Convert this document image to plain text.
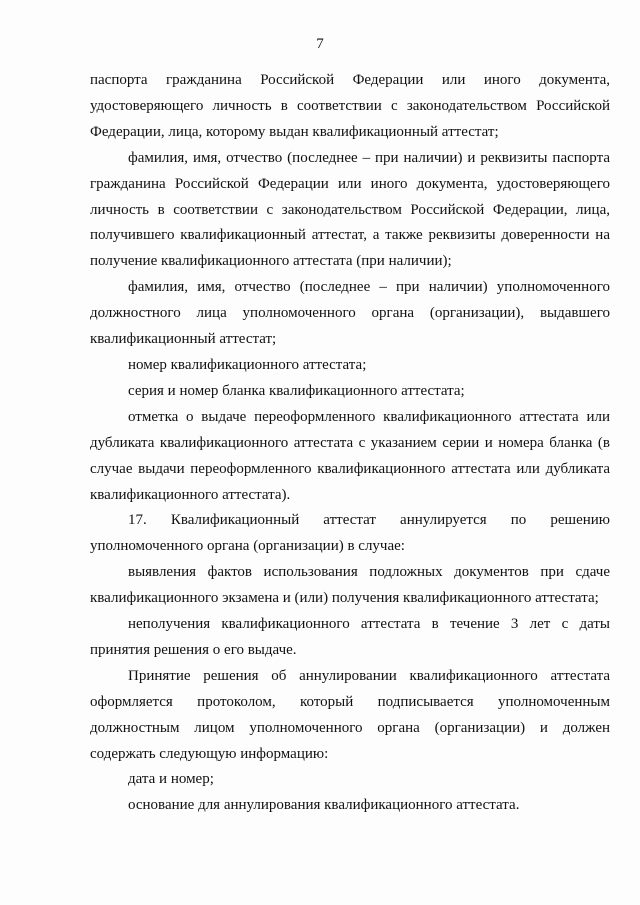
7

паспорта гражданина Российской Федерации или иного документа, удостоверяющего личность в соответствии с законодательством Российской Федерации, лица, которому выдан квалификационный аттестат;

фамилия, имя, отчество (последнее – при наличии) и реквизиты паспорта гражданина Российской Федерации или иного документа, удостоверяющего личность в соответствии с законодательством Российской Федерации, лица, получившего квалификационный аттестат, а также реквизиты доверенности на получение квалификационного аттестата (при наличии);

фамилия, имя, отчество (последнее – при наличии) уполномоченного должностного лица уполномоченного органа (организации), выдавшего квалификационный аттестат;

номер квалификационного аттестата;

серия и номер бланка квалификационного аттестата;

отметка о выдаче переоформленного квалификационного аттестата или дубликата квалификационного аттестата с указанием серии и номера бланка (в случае выдачи переоформленного квалификационного аттестата или дубликата квалификационного аттестата).

17. Квалификационный аттестат аннулируется по решению уполномоченного органа (организации) в случае:

выявления фактов использования подложных документов при сдаче квалификационного экзамена и (или) получения квалификационного аттестата;

неполучения квалификационного аттестата в течение 3 лет с даты принятия решения о его выдаче.

Принятие решения об аннулировании квалификационного аттестата оформляется протоколом, который подписывается уполномоченным должностным лицом уполномоченного органа (организации) и должен содержать следующую информацию:

дата и номер;

основание для аннулирования квалификационного аттестата.
